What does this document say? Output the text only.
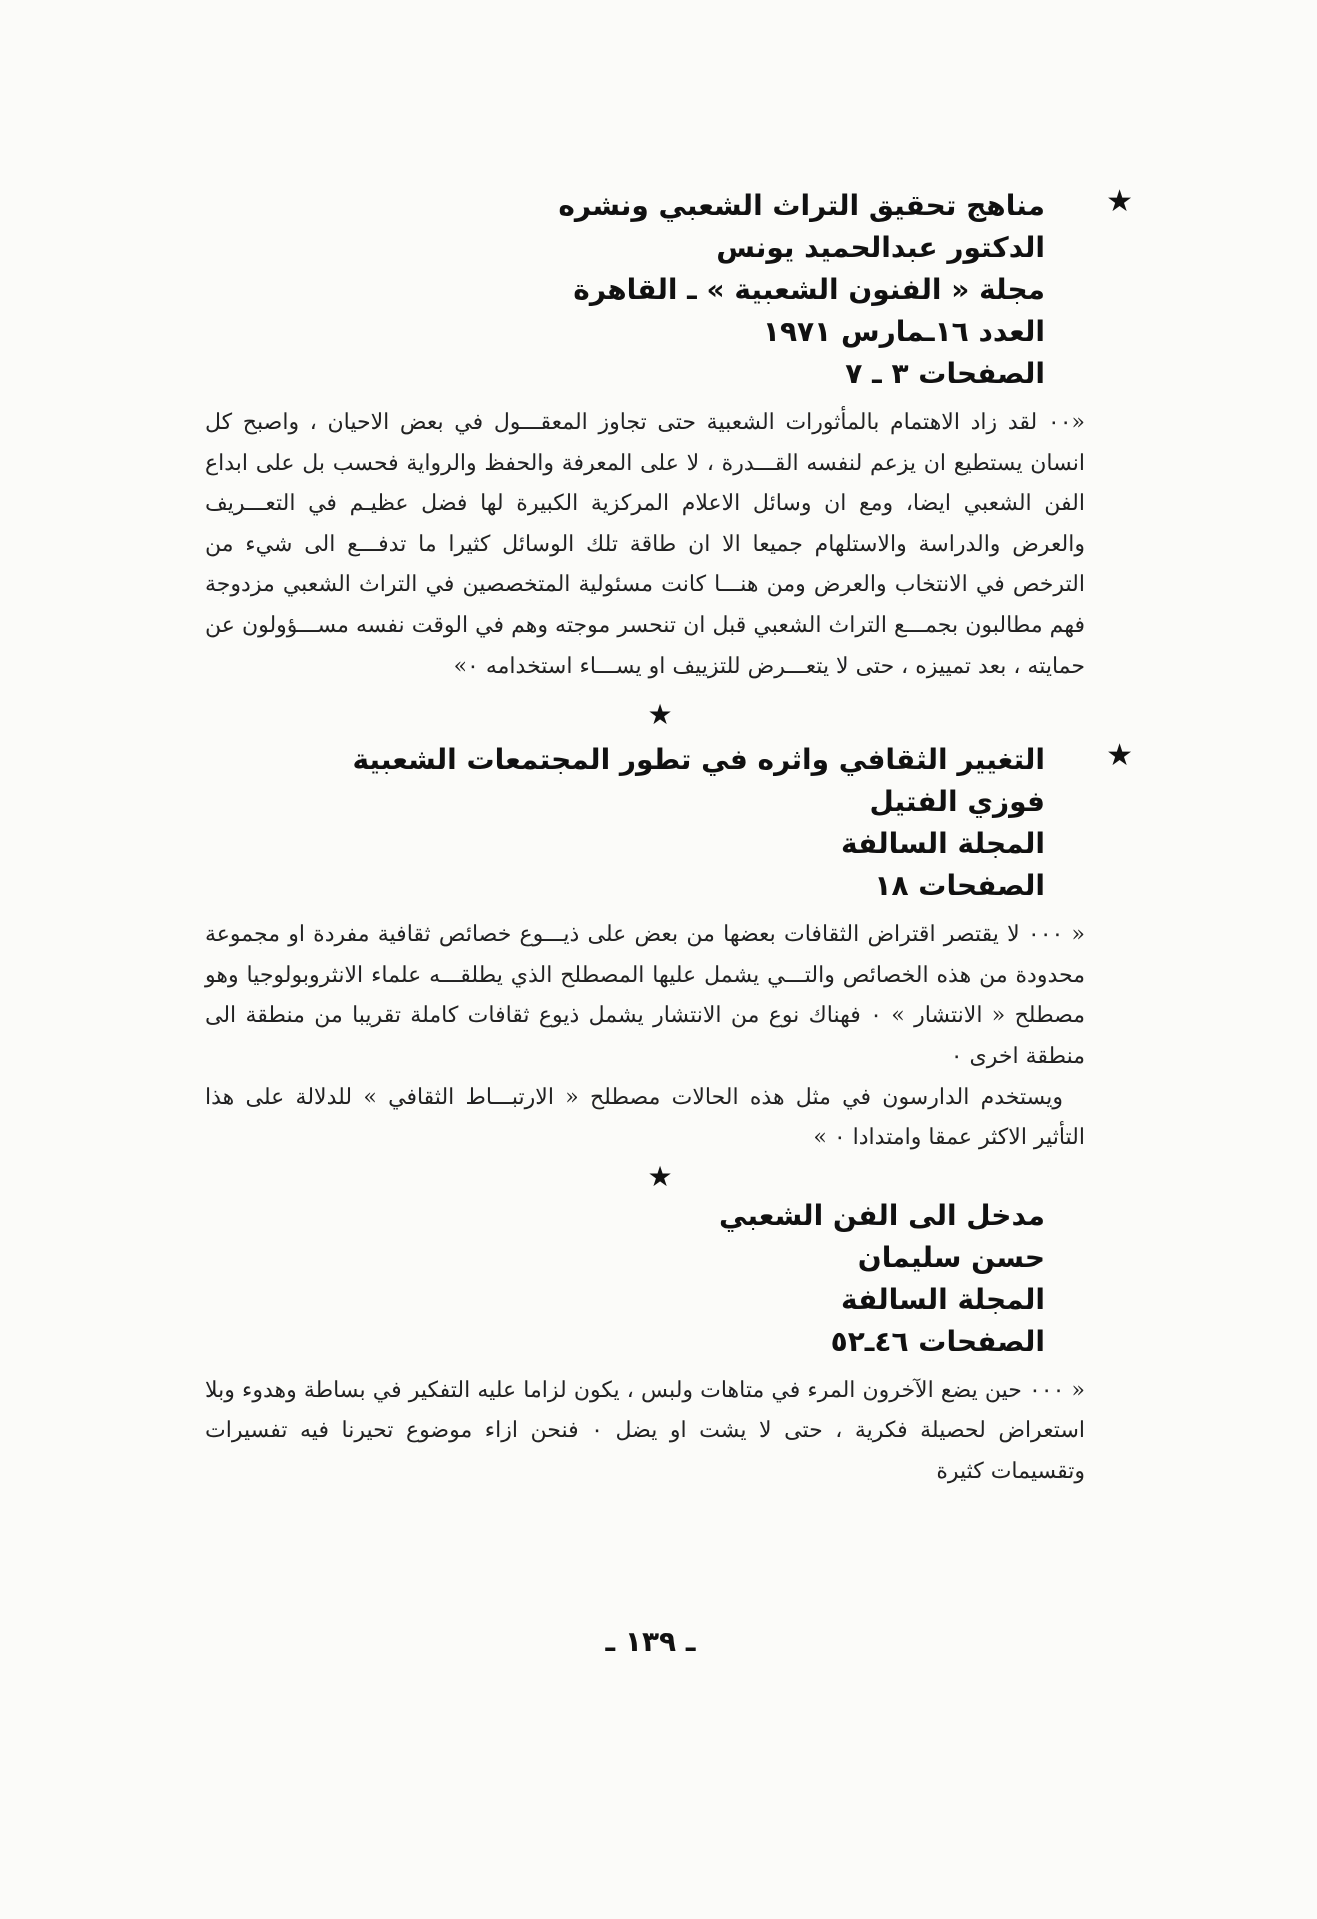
★
مناهج تحقيق التراث الشعبي ونشره
الدكتور عبدالحميد يونس
مجلة « الفنون الشعبية » ـ القاهرة
العدد ١٦ـمارس ١٩٧١
الصفحات ٣ ـ ٧

«٠٠ لقد زاد الاهتمام بالمأثورات الشعبية حتى تجاوز المعقـــول في بعض الاحيان ، واصبح كل انسان يستطيع ان يزعم لنفسه القـــدرة ، لا على المعرفة والحفظ والرواية فحسب بل على ابداع الفن الشعبي ايضا، ومع ان وسائل الاعلام المركزية الكبيرة لها فضل عظيـم في التعـــريف والعرض والدراسة والاستلهام جميعا الا ان طاقة تلك الوسائل كثيرا ما تدفـــع الى شيء من الترخص في الانتخاب والعرض ومن هنـــا كانت مسئولية المتخصصين في التراث الشعبي مزدوجة فهم مطالبون بجمـــع التراث الشعبي قبل ان تنحسر موجته وهم في الوقت نفسه مســـؤولون عن حمايته ، بعد تمييزه ، حتى لا يتعـــرض للتزييف او يســـاء استخدامه ٠»

★
★
التغيير الثقافي واثره في تطور المجتمعات الشعبية
فوزي الفتيل
المجلة السالفة
الصفحات ١٨

« ٠٠٠ لا يقتصر اقتراض الثقافات بعضها من بعض على ذيـــوع خصائص ثقافية مفردة او مجموعة محدودة من هذه الخصائص والتـــي يشمل عليها المصطلح الذي يطلقـــه علماء الانثروبولوجيا وهو مصطلح « الانتشار » ٠ فهناك نوع من الانتشار يشمل ذيوع ثقافات كاملة تقريبا من منطقة الى منطقة اخرى ٠

ويستخدم الدارسون في مثل هذه الحالات مصطلح « الارتبـــاط الثقافي » للدلالة على هذا التأثير الاكثر عمقا وامتدادا ٠ »

★
مدخل الى الفن الشعبي
حسن سليمان
المجلة السالفة
الصفحات ٤٦ـ٥٢

« ٠٠٠ حين يضع الآخرون المرء في متاهات ولبس ، يكون لزاما عليه التفكير في بساطة وهدوء وبلا استعراض لحصيلة فكرية ، حتى لا يشت او يضل ٠ فنحن ازاء موضوع تحيرنا فيه تفسيرات وتقسيمات كثيرة

ـ ١٣٩ ـ
